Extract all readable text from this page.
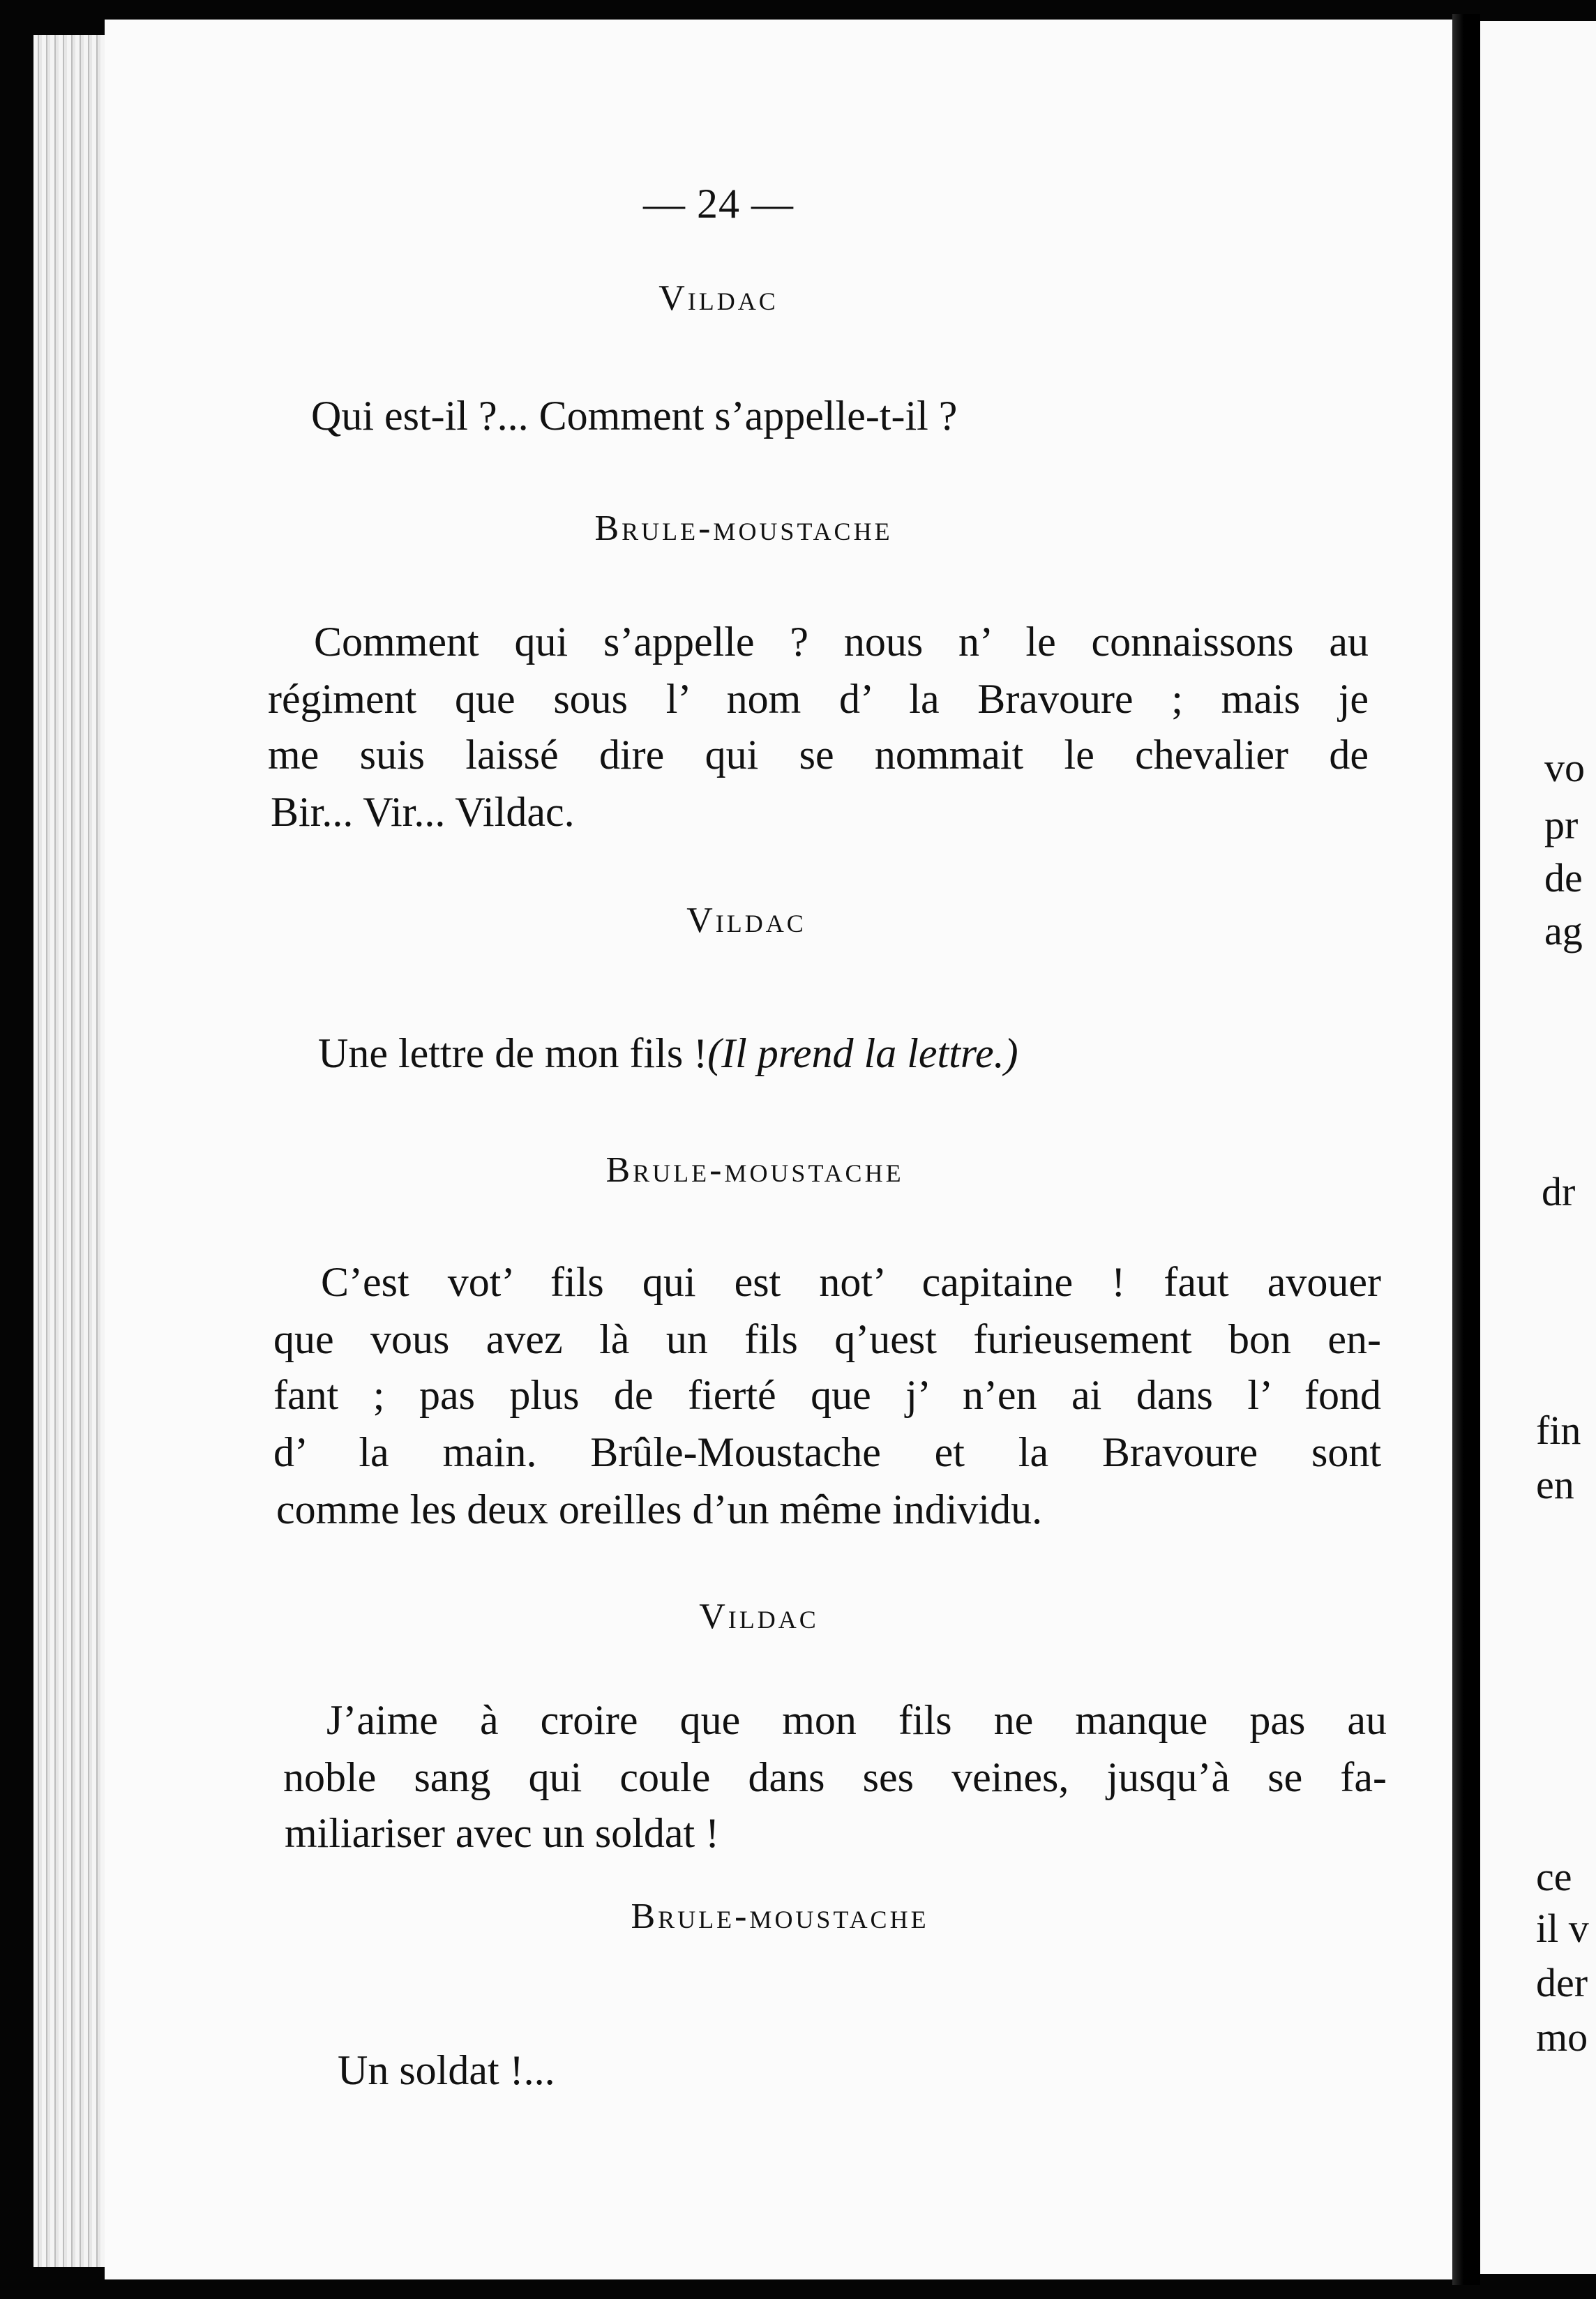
— 24 —
Vildac
Qui est-il ?... Comment s’appelle-t-il ?
Brule-moustache
Comment qui s’appelle ? nous n’ le connaissons au
régiment que sous l’ nom d’ la Bravoure ; mais je
me suis laissé dire qui se nommait le chevalier de
Bir... Vir... Vildac.
Vildac
Une lettre de mon fils !(Il prend la lettre.)
Brule-moustache
C’est vot’ fils qui est not’ capitaine ! faut avouer
que vous avez là un fils q’uest furieusement bon en-
fant ; pas plus de fierté que j’ n’en ai dans l’ fond
d’ la main. Brûle-Moustache et la Bravoure sont
comme les deux oreilles d’un même individu.
Vildac
J’aime à croire que mon fils ne manque pas au
noble sang qui coule dans ses veines, jusqu’à se fa-
miliariser avec un soldat !
Brule-moustache
Un soldat !...
vo
pr
de
ag
dr
fin
en
ce
il v
der
mo
